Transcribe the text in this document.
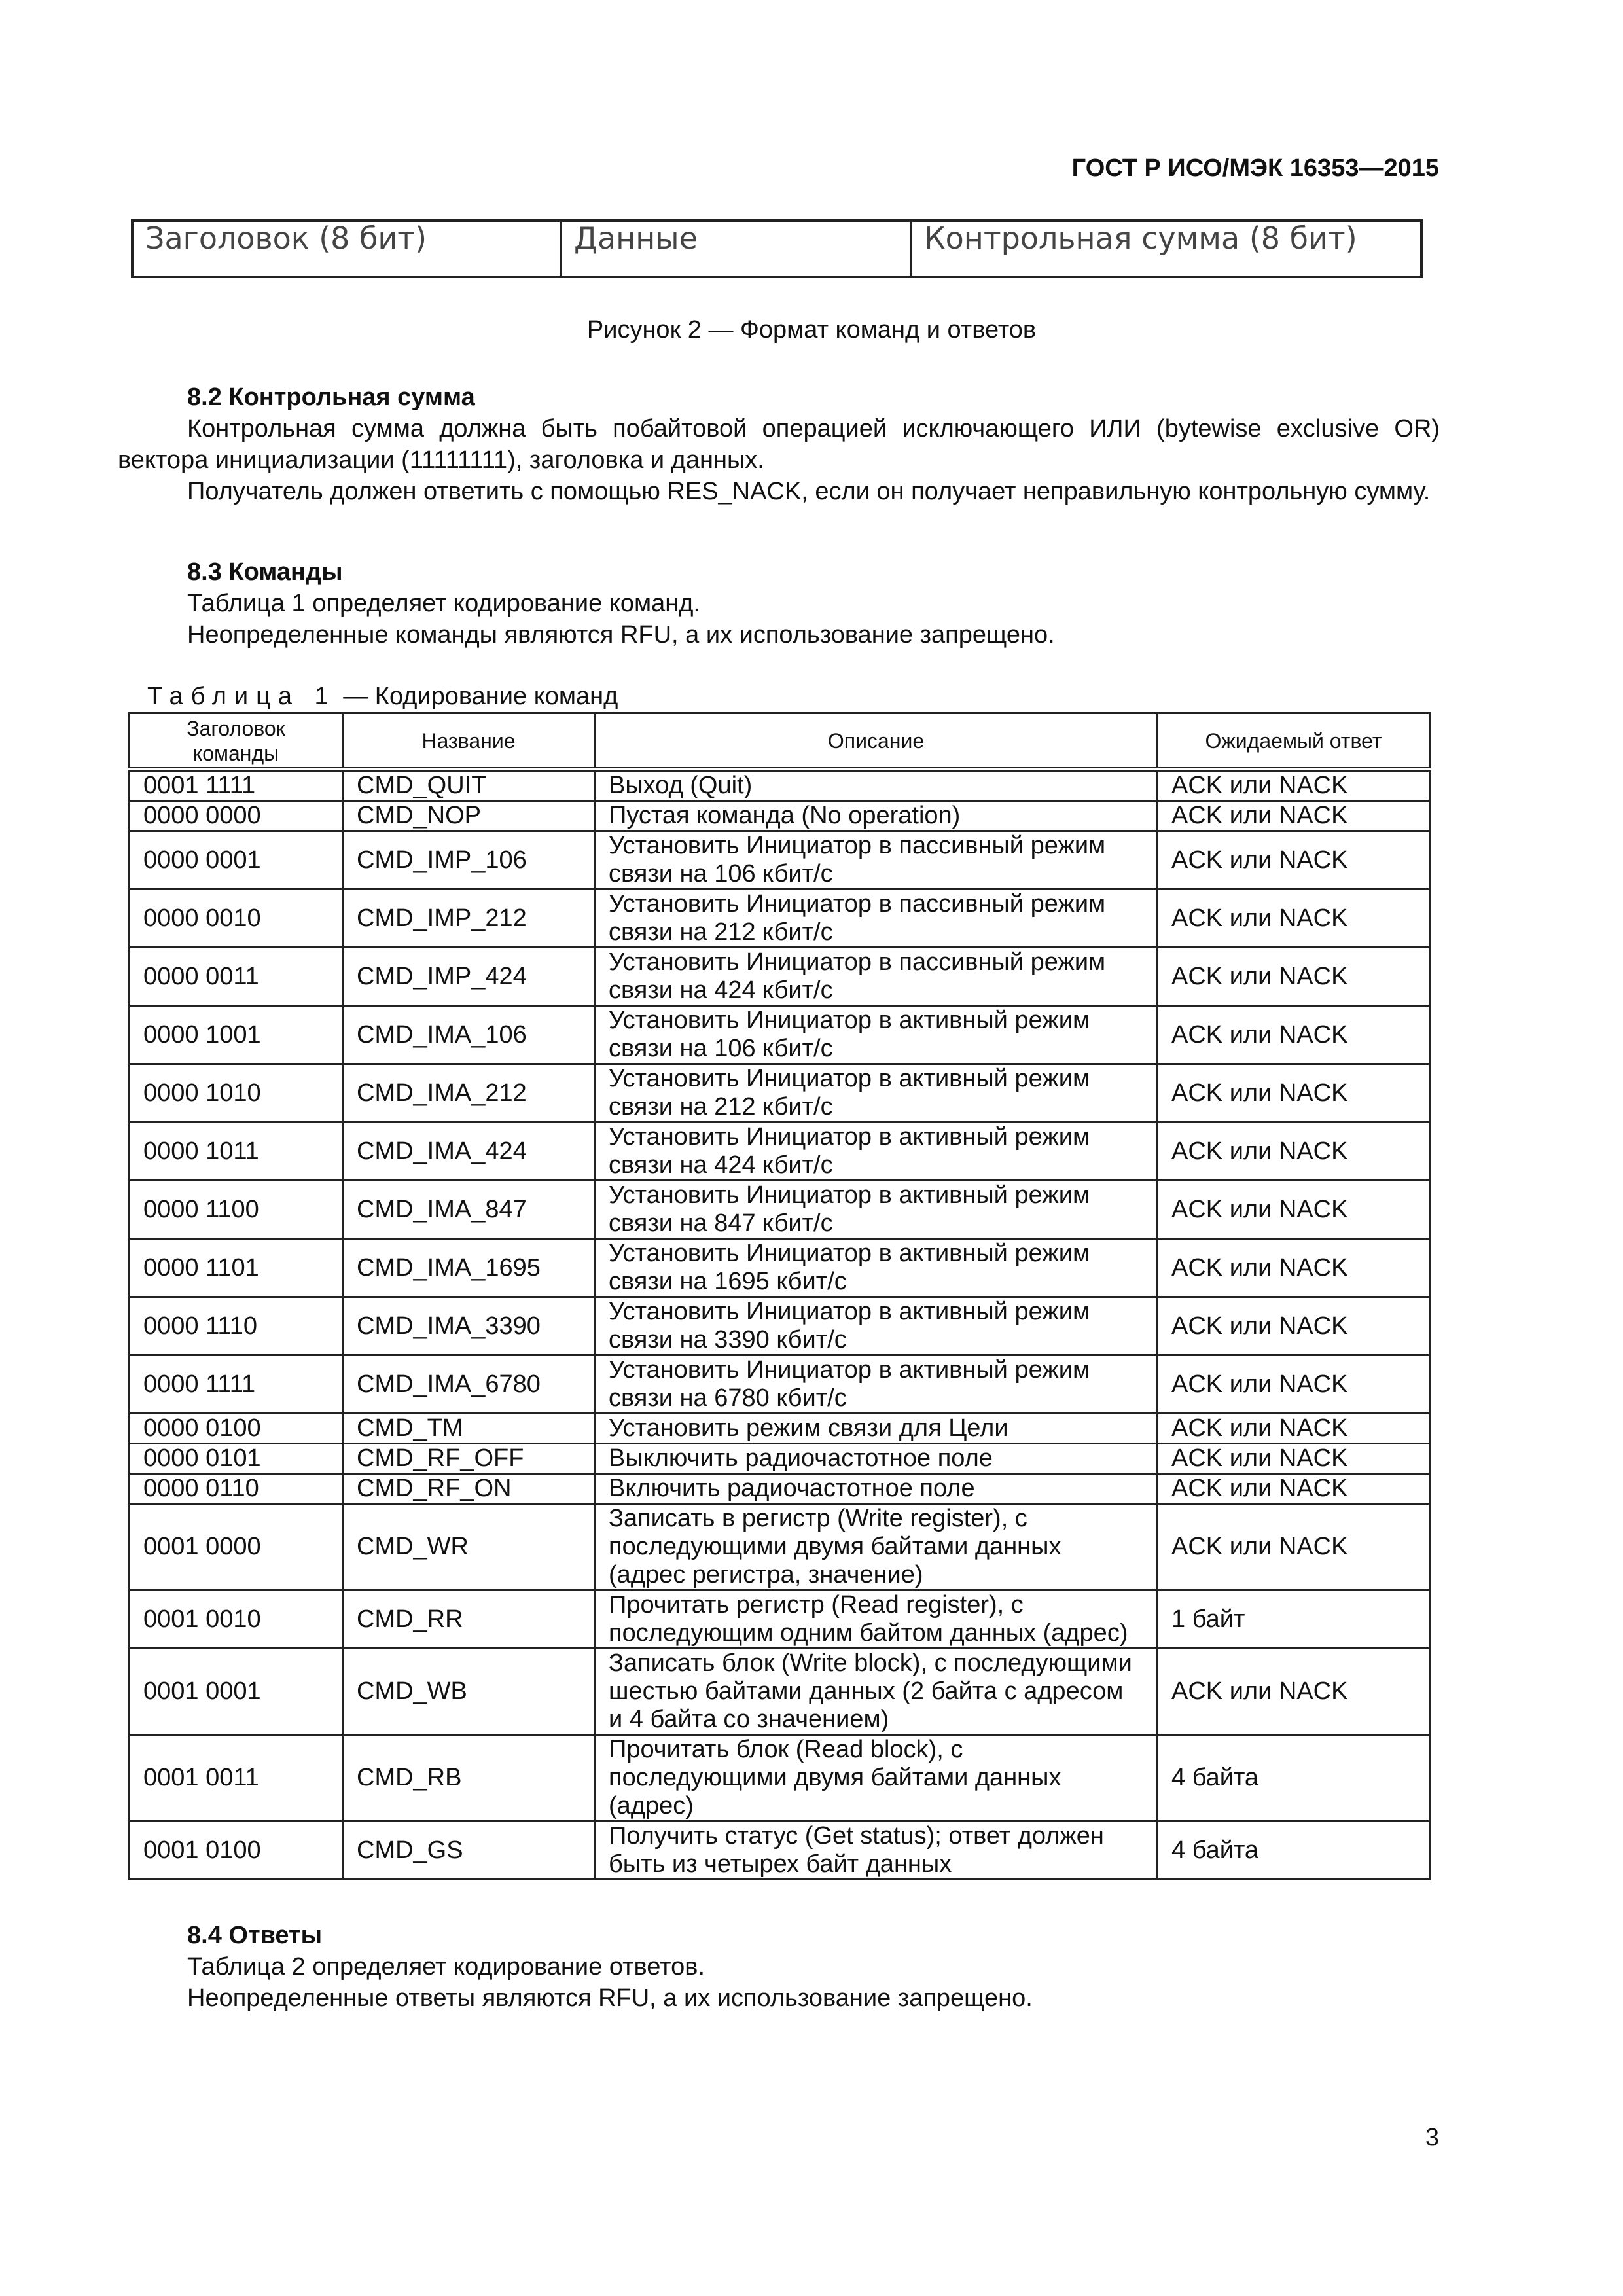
ГОСТ Р ИСО/МЭК 16353—2015
Заголовок (8 бит)	Данные	Контрольная сумма (8 бит)
Рисунок 2 — Формат команд и ответов
8.2 Контрольная сумма

Контрольная сумма должна быть побайтовой операцией исключающего ИЛИ (bytewise exclusive OR) вектора инициализации (11111111), заголовка и данных.

Получатель должен ответить с помощью RES_NACK, если он получает неправильную контрольную сумму.

8.3 Команды

Таблица 1 определяет кодирование команд.

Неопределенные команды являются RFU, а их использование запрещено.

Таблица 1 — Кодирование команд
Заголовок команды	Название	Описание	Ожидаемый ответ
0001 1111	CMD_QUIT	Выход (Quit)	ACK или NACK
0000 0000	CMD_NOP	Пустая команда (No operation)	ACK или NACK
0000 0001	CMD_IMP_106	Установить Инициатор в пассивный режим связи на 106 кбит/с	ACK или NACK
0000 0010	CMD_IMP_212	Установить Инициатор в пассивный режим связи на 212 кбит/с	ACK или NACK
0000 0011	CMD_IMP_424	Установить Инициатор в пассивный режим связи на 424 кбит/с	ACK или NACK
0000 1001	CMD_IMA_106	Установить Инициатор в активный режим связи на 106 кбит/с	ACK или NACK
0000 1010	CMD_IMA_212	Установить Инициатор в активный режим связи на 212 кбит/с	ACK или NACK
0000 1011	CMD_IMA_424	Установить Инициатор в активный режим связи на 424 кбит/с	ACK или NACK
0000 1100	CMD_IMA_847	Установить Инициатор в активный режим связи на 847 кбит/с	ACK или NACK
0000 1101	CMD_IMA_1695	Установить Инициатор в активный режим связи на 1695 кбит/с	ACK или NACK
0000 1110	CMD_IMA_3390	Установить Инициатор в активный режим связи на 3390 кбит/с	ACK или NACK
0000 1111	CMD_IMA_6780	Установить Инициатор в активный режим связи на 6780 кбит/с	ACK или NACK
0000 0100	CMD_TM	Установить режим связи для Цели	ACK или NACK
0000 0101	CMD_RF_OFF	Выключить радиочастотное поле	ACK или NACK
0000 0110	CMD_RF_ON	Включить радиочастотное поле	ACK или NACK
0001 0000	CMD_WR	Записать в регистр (Write register), с последующими двумя байтами данных (адрес регистра, значение)	ACK или NACK
0001 0010	CMD_RR	Прочитать регистр (Read register), с последующим одним байтом данных (адрес)	1 байт
0001 0001	CMD_WB	Записать блок (Write block), с последующими шестью байтами данных (2 байта с адресом и 4 байта со значением)	ACK или NACK
0001 0011	CMD_RB	Прочитать блок (Read block), с последующими двумя байтами данных (адрес)	4 байта
0001 0100	CMD_GS	Получить статус (Get status); ответ должен быть из четырех байт данных	4 байта
8.4 Ответы

Таблица 2 определяет кодирование ответов.

Неопределенные ответы являются RFU, а их использование запрещено.

3
